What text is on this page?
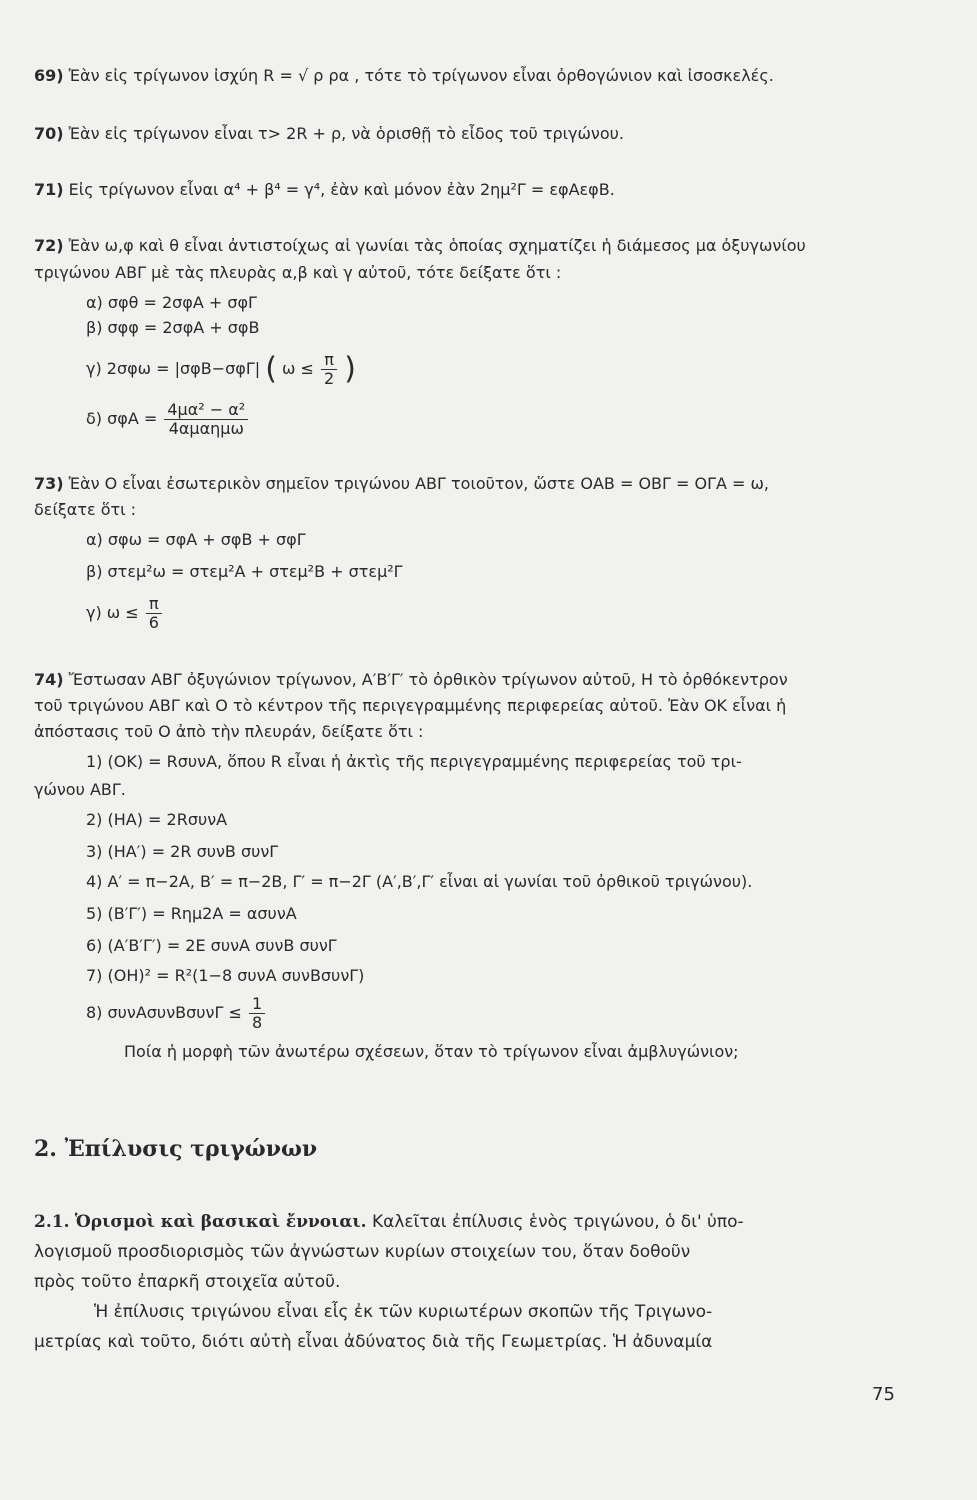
69) Ἐὰν εἰς τρίγωνον ἰσχύη R = √ ρ ρα , τότε τὸ τρίγωνον εἶναι ὀρθογώνιον καὶ ἰσοσκελές.
70) Ἐὰν εἰς τρίγωνον εἶναι τ> 2R + ρ, νὰ ὁρισθῇ τὸ εἶδος τοῦ τριγώνου.
71) Εἰς τρίγωνον εἶναι α⁴ + β⁴ = γ⁴, ἐὰν καὶ μόνον ἐὰν 2ημ²Γ = εφΑεφΒ.
72) Ἐὰν ω,φ καὶ θ εἶναι ἀντιστοίχως αἱ γωνίαι τὰς ὁποίας σχηματίζει ἡ διάμεσος μα ὀξυγωνίου
τριγώνου ΑΒΓ μὲ τὰς πλευρὰς α,β καὶ γ αὐτοῦ, τότε δείξατε ὅτι :
α) σφθ = 2σφΑ + σφΓ
β) σφφ = 2σφΑ + σφΒ
γ) 2σφω = |σφΒ−σφΓ| ( $\omega \le \frac{\pi}{2}$ )
δ) $\sigma\varphi A = \frac{\text{4μα² − α²}}{\text{4αμαημω}}$
73) Ἐὰν Ο εἶναι ἐσωτερικὸν σημεῖον τριγώνου ΑΒΓ τοιοῦτον, ὥστε ΟΑΒ = ΟΒΓ = ΟΓΑ = ω,
δείξατε ὅτι :
α) σφω = σφΑ + σφΒ + σφΓ
β) στεμ²ω = στεμ²Α + στεμ²Β + στεμ²Γ
γ) $\omega \le \frac{\pi}{6}$
74) Ἔστωσαν ΑΒΓ ὀξυγώνιον τρίγωνον, Α′Β′Γ′ τὸ ὀρθικὸν τρίγωνον αὐτοῦ, Η τὸ ὀρθόκεντρον
τοῦ τριγώνου ΑΒΓ καὶ Ο τὸ κέντρον τῆς περιγεγραμμένης περιφερείας αὐτοῦ. Ἐὰν ΟΚ εἶναι ἡ
ἀπόστασις τοῦ Ο ἀπὸ τὴν πλευράν, δείξατε ὅτι :
1) (ΟΚ) = RσυνΑ, ὅπου R εἶναι ἡ ἀκτὶς τῆς περιγεγραμμένης περιφερείας τοῦ τρι-
γώνου ΑΒΓ.
2) (ΗΑ) = 2RσυνΑ
3) (ΗΑ′) = 2R συνΒ συνΓ
4) Α′ = π−2Α, Β′ = π−2Β, Γ′ = π−2Γ (Α′,Β′,Γ′ εἶναι αἱ γωνίαι τοῦ ὀρθικοῦ τριγώνου).
5) (Β′Γ′) = Rημ2Α = ασυνΑ
6) (Α′Β′Γ′) = 2Ε συνΑ συνΒ συνΓ
7) (ΟΗ)² = R²(1−8 συνΑ συνΒσυνΓ)
8) $\sigma\upsilon\nu A\sigma\upsilon\nu B\sigma\upsilon\nu\Gamma \le \frac{1}{8}$
Ποία ἡ μορφὴ τῶν ἀνωτέρω σχέσεων, ὅταν τὸ τρίγωνον εἶναι ἀμβλυγώνιον;
2. Ἐπίλυσις τριγώνων
2.1. Ὁρισμοὶ καὶ βασικαὶ ἔννοιαι. Καλεῖται ἐπίλυσις ἑνὸς τριγώνου, ὁ δι' ὑπο-
λογισμοῦ προσδιορισμὸς τῶν ἀγνώστων κυρίων στοιχείων του, ὅταν δοθοῦν
πρὸς τοῦτο ἐπαρκῆ στοιχεῖα αὐτοῦ.
Ἡ ἐπίλυσις τριγώνου εἶναι εἷς ἐκ τῶν κυριωτέρων σκοπῶν τῆς Τριγωνο-
μετρίας καὶ τοῦτο, διότι αὐτὴ εἶναι ἀδύνατος διὰ τῆς Γεωμετρίας. Ἡ ἀδυναμία
75
